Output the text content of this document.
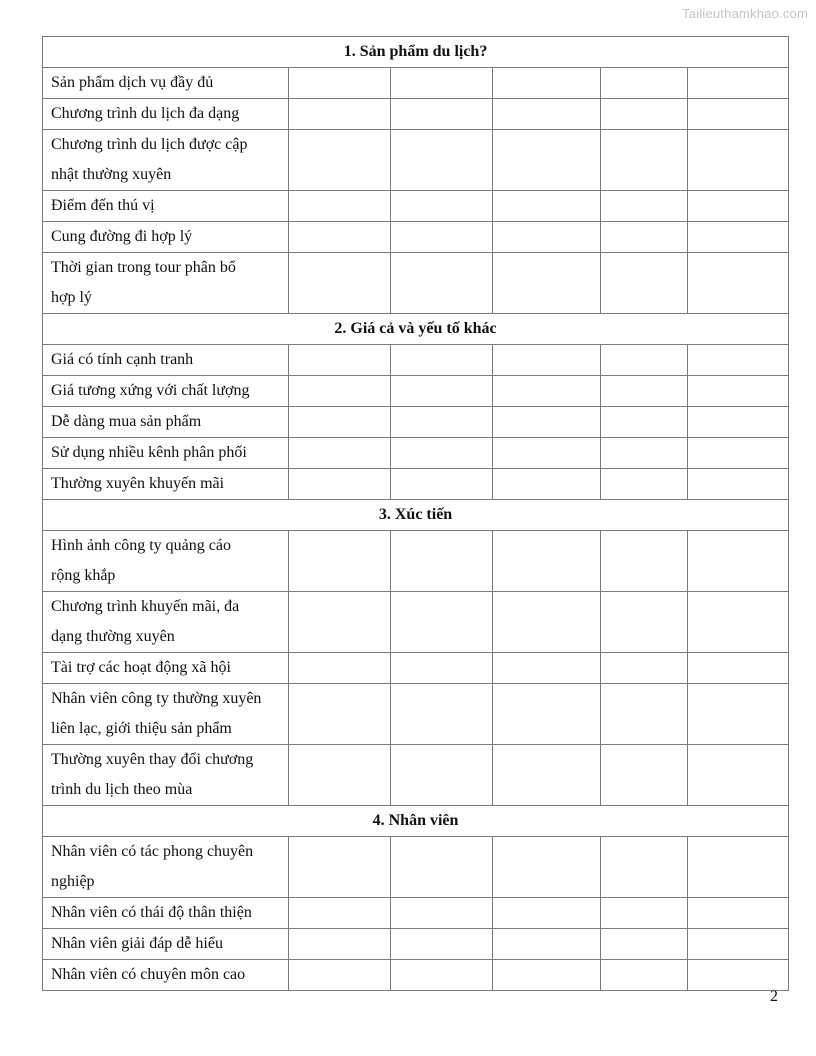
Tailieuthamkhao.com
1. Sản phẩm du lịch?					

Sản phẩm dịch vụ đầy đủ					

Chương trình du lịch đa dạng					

Chương trình du lịch được cập
nhật thường xuyên					

Điểm đến thú vị					

Cung đường đi hợp lý					

Thời gian trong tour phân bổ
hợp lý					

2. Giá cả và yếu tố khác					

Giá có tính cạnh tranh					

Giá tương xứng với chất lượng					

Dễ dàng mua sản phẩm					

Sử dụng nhiều kênh phân phối					

Thường xuyên khuyến mãi					

3. Xúc tiến					

Hình ảnh công ty quảng cáo
rộng khắp					

Chương trình khuyến mãi, đa
dạng thường xuyên					

Tài trợ các hoạt động xã hội					

Nhân viên công ty thường xuyên
liên lạc, giới thiệu sản phẩm					

Thường xuyên thay đổi chương
trình du lịch theo mùa					

4. Nhân viên					

Nhân viên có tác phong chuyên
nghiệp					

Nhân viên có thái độ thân thiện					

Nhân viên giải đáp dễ hiểu					

Nhân viên có chuyên môn cao					

2
